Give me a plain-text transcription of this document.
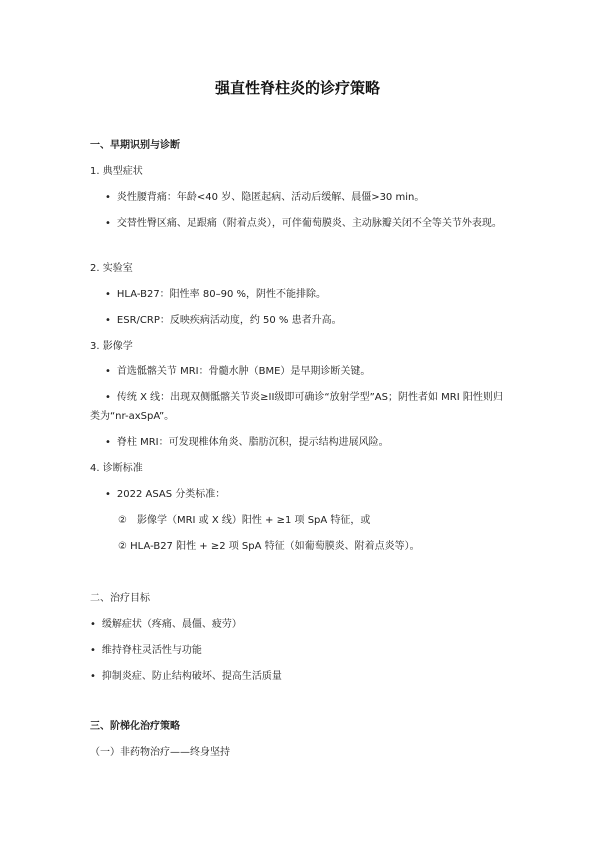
强直性脊柱炎的诊疗策略

一、早期识别与诊断

1. 典型症状

• 炎性腰背痛：年龄<40 岁、隐匿起病、活动后缓解、晨僵>30 min。

• 交替性臀区痛、足跟痛（附着点炎），可伴葡萄膜炎、主动脉瓣关闭不全等关节外表现。

2. 实验室

• HLA-B27：阳性率 80–90 %，阴性不能排除。

• ESR/CRP：反映疾病活动度，约 50 % 患者升高。

3. 影像学

• 首选骶髂关节 MRI：骨髓水肿（BME）是早期诊断关键。

• 传统 X 线：出现双侧骶髂关节炎≥II级即可确诊“放射学型”AS；阴性者如 MRI 阳性则归类为“nr-axSpA”。

• 脊柱 MRI：可发现椎体角炎、脂肪沉积，提示结构进展风险。

4. 诊断标准

• 2022 ASAS 分类标准：

②　影像学（MRI 或 X 线）阳性 + ≥1 项 SpA 特征，或

② HLA-B27 阳性 + ≥2 项 SpA 特征（如葡萄膜炎、附着点炎等）。

二、治疗目标

• 缓解症状（疼痛、晨僵、疲劳）

• 维持脊柱灵活性与功能

• 抑制炎症、防止结构破坏、提高生活质量

三、阶梯化治疗策略

（一）非药物治疗——终身坚持
